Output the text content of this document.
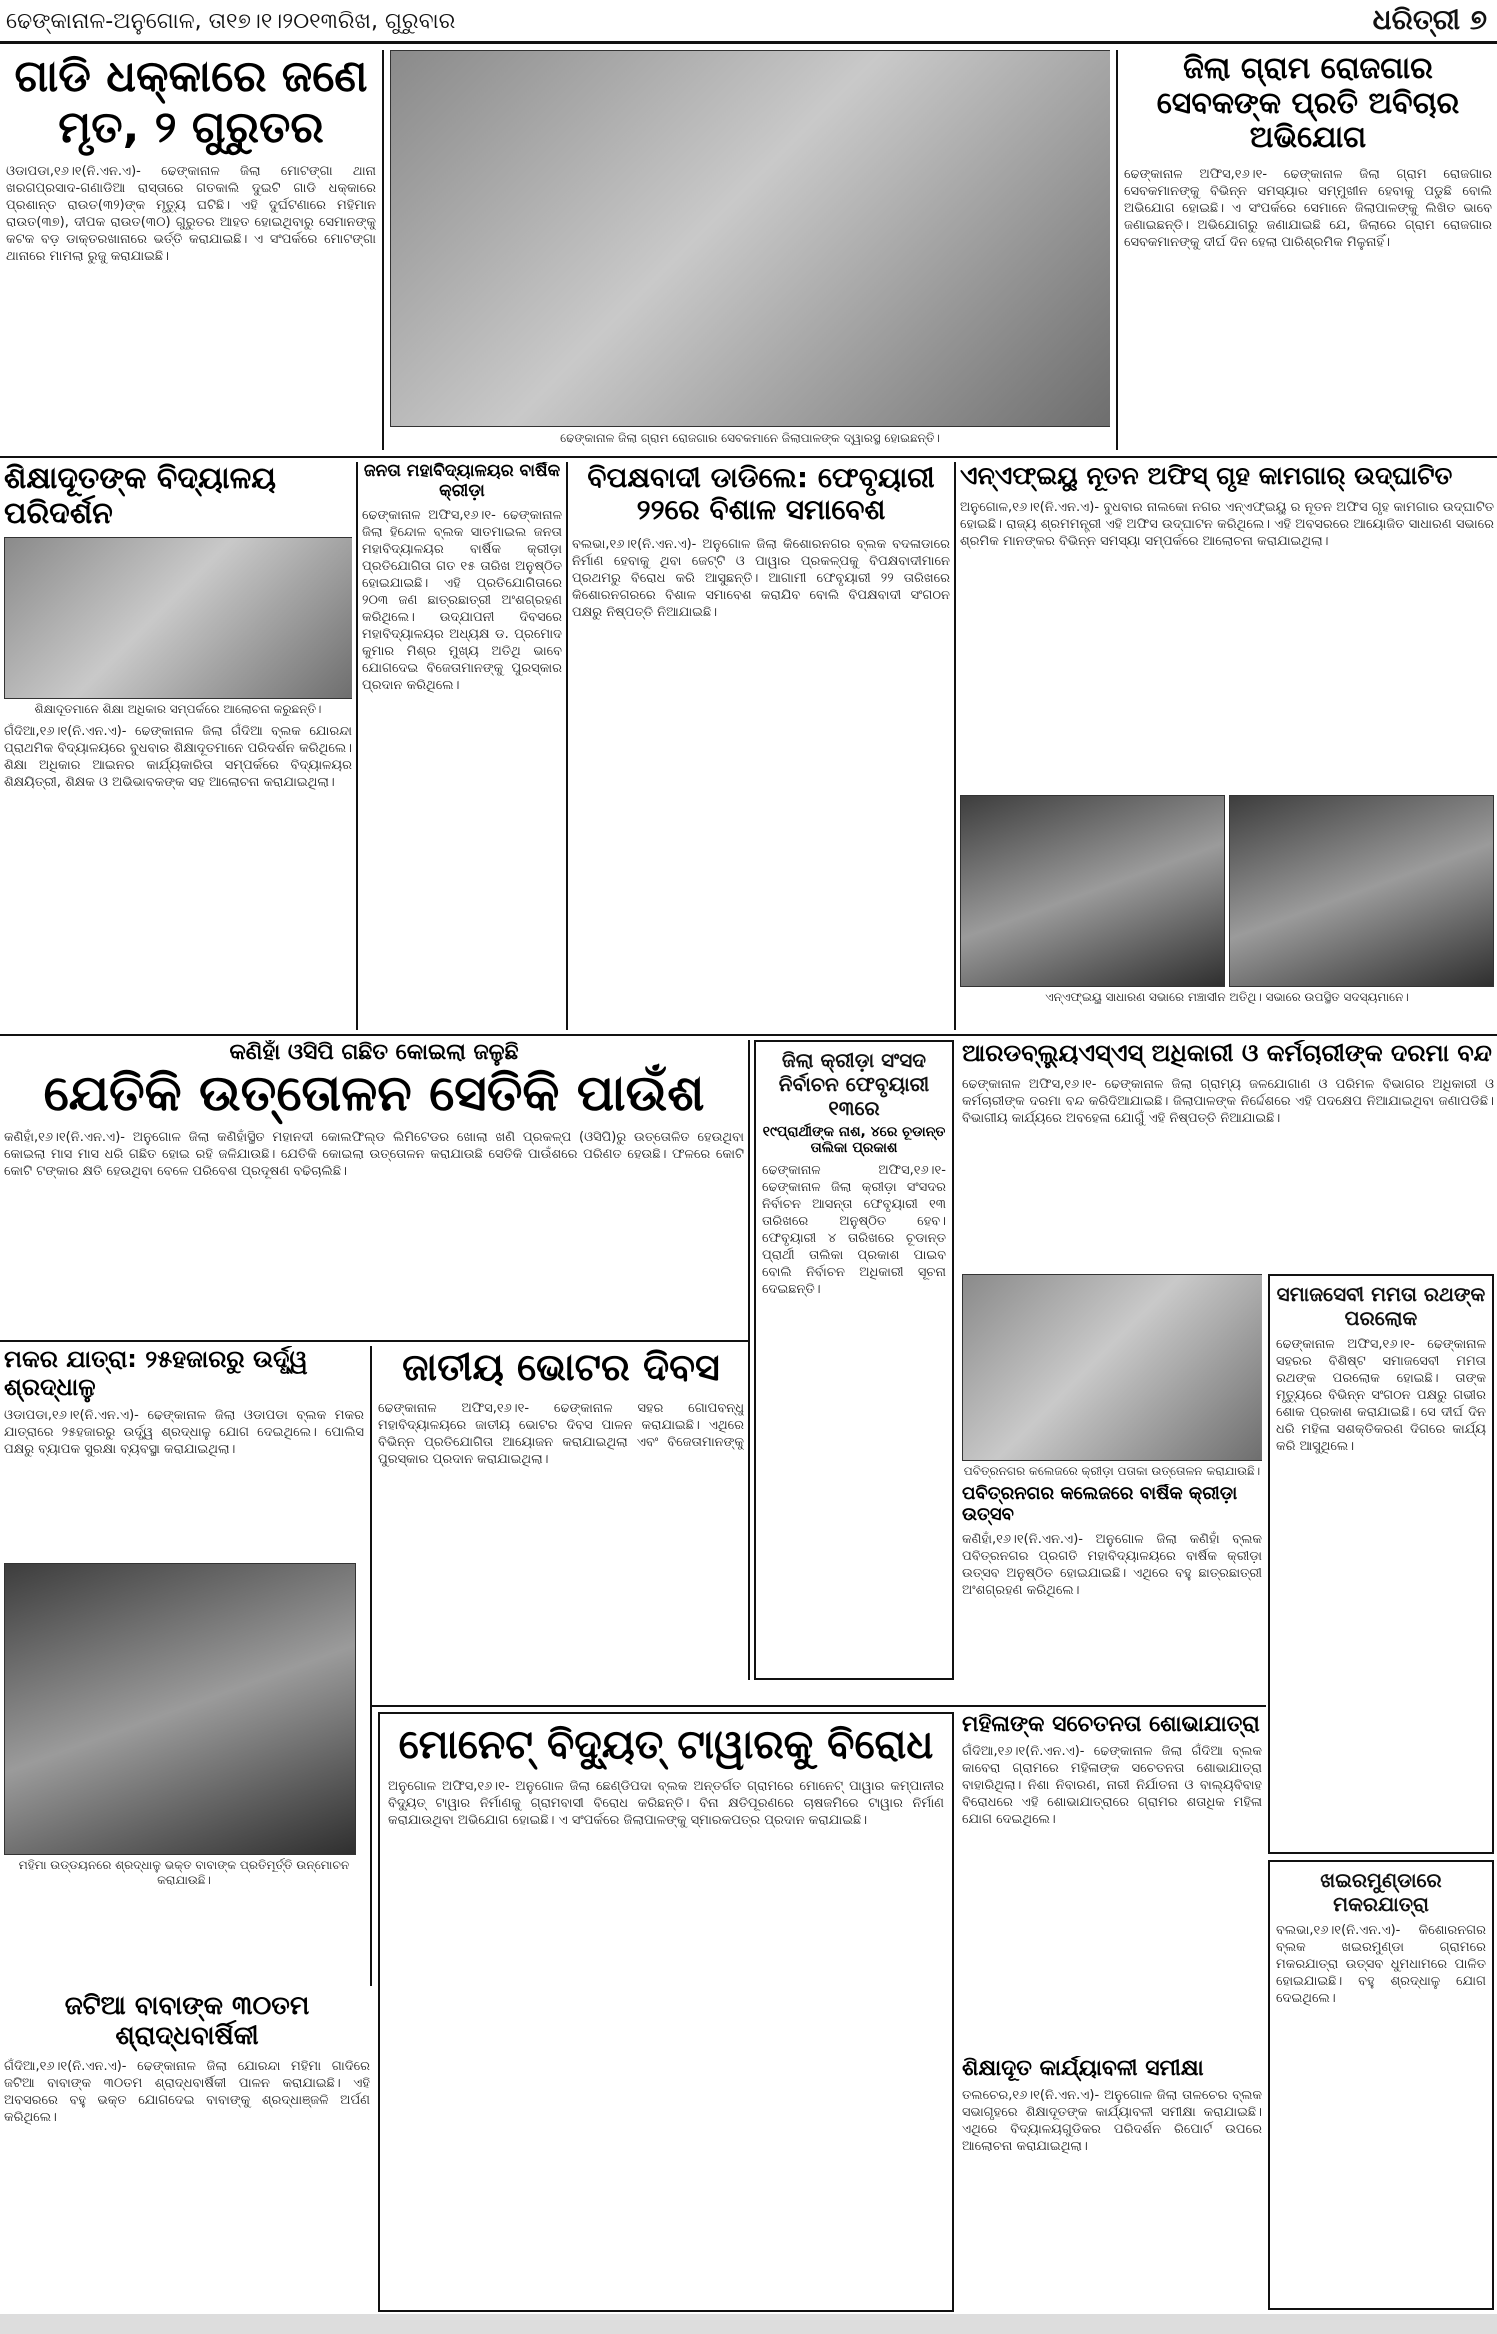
ଢେଙ୍କାନାଳ-ଅନୁଗୋଳ, ତା୧୭।୧।୨୦୧୩ରିଖ, ଗୁରୁବାର	ଧରିତ୍ରୀ ୭
ଗାଡି ଧକ୍କାରେ ଜଣେ ମୃତ, ୨ ଗୁରୁତର
ଓଡାପଡା,୧୬।୧(ନି.ଏନ.ଏ)- ଢେଙ୍କାନାଳ ଜିଲା ମୋଟଙ୍ଗା ଥାନା ଖରଗପ୍ରସାଦ-ଗଣାଡିଆ ରାସ୍ତାରେ ଗତକାଲି ଦୁଇଟି ଗାଡି ଧକ୍କାରେ ପ୍ରଶାନ୍ତ ରାଉତ(୩୨)ଙ୍କ ମୃତ୍ୟୁ ଘଟିଛି। ଏହି ଦୁର୍ଘଟଣାରେ ମହିମାନ ରାଉତ(୩୭), ଦୀପକ ରାଉତ(୩୦) ଗୁରୁତର ଆହତ ହୋଇଥିବାରୁ ସେମାନଙ୍କୁ କଟକ ବଡ଼ ଡାକ୍ତରଖାନାରେ ଭର୍ତ୍ତି କରାଯାଇଛି। ଏ ସଂପର୍କରେ ମୋଟଙ୍ଗା ଥାନାରେ ମାମଲା ରୁଜୁ କରାଯାଇଛି।
ଢେଙ୍କାନାଳ ଜିଲା ଗ୍ରାମ ରୋଜଗାର ସେବକମାନେ ଜିଲାପାଳଙ୍କ ଦ୍ୱାରସ୍ଥ ହୋଇଛନ୍ତି।
ଜିଲା ଗ୍ରାମ ରୋଜଗାର ସେବକଙ୍କ ପ୍ରତି ଅବିଚାର ଅଭିଯୋଗ
ଢେଙ୍କାନାଳ ଅଫିସ,୧୬।୧- ଢେଙ୍କାନାଳ ଜିଲା ଗ୍ରାମ ରୋଜଗାର ସେବକମାନଙ୍କୁ ବିଭିନ୍ନ ସମସ୍ୟାର ସମ୍ମୁଖୀନ ହେବାକୁ ପଡୁଛି ବୋଲି ଅଭିଯୋଗ ହୋଇଛି। ଏ ସଂପର୍କରେ ସେମାନେ ଜିଲାପାଳଙ୍କୁ ଲିଖିତ ଭାବେ ଜଣାଇଛନ୍ତି। ଅଭିଯୋଗରୁ ଜଣାଯାଇଛି ଯେ, ଜିଲାରେ ଗ୍ରାମ ରୋଜଗାର ସେବକମାନଙ୍କୁ ଦୀର୍ଘ ଦିନ ହେଲା ପାରିଶ୍ରମିକ ମିଳୁନାହିଁ।
ଶିକ୍ଷାଦୂତଙ୍କ ବିଦ୍ୟାଳୟ ପରିଦର୍ଶନ
ଶିକ୍ଷାଦୂତମାନେ ଶିକ୍ଷା ଅଧିକାର ସମ୍ପର୍କରେ ଆଲୋଚନା କରୁଛନ୍ତି।
ଗଁଦିଆ,୧୬।୧(ନି.ଏନ.ଏ)- ଢେଙ୍କାନାଳ ଜିଲା ଗଁଦିଆ ବ୍ଲକ ଯୋରନ୍ଦା ପ୍ରାଥମିକ ବିଦ୍ୟାଳୟରେ ବୁଧବାର ଶିକ୍ଷାଦୂତମାନେ ପରିଦର୍ଶନ କରିଥିଲେ। ଶିକ୍ଷା ଅଧିକାର ଆଇନର କାର୍ଯ୍ୟକାରିତା ସମ୍ପର୍କରେ ବିଦ୍ୟାଳୟର ଶିକ୍ଷୟିତ୍ରୀ, ଶିକ୍ଷକ ଓ ଅଭିଭାବକଙ୍କ ସହ ଆଲୋଚନା କରାଯାଇଥିଲା।
ଜନତା ମହାବିଦ୍ୟାଳୟର ବାର୍ଷିକ କ୍ରୀଡ଼ା
ଢେଙ୍କାନାଳ ଅଫିସ,୧୬।୧- ଢେଙ୍କାନାଳ ଜିଲା ହିନ୍ଦୋଳ ବ୍ଲକ ସାତମାଇଲ ଜନତା ମହାବିଦ୍ୟାଳୟର ବାର୍ଷିକ କ୍ରୀଡ଼ା ପ୍ରତିଯୋଗିତା ଗତ ୧୫ ତାରିଖ ଅନୁଷ୍ଠିତ ହୋଇଯାଇଛି। ଏହି ପ୍ରତିଯୋଗିତାରେ ୨୦୩ ଜଣ ଛାତ୍ରଛାତ୍ରୀ ଅଂଶଗ୍ରହଣ କରିଥିଲେ। ଉଦ୍ଯାପନୀ ଦିବସରେ ମହାବିଦ୍ୟାଳୟର ଅଧ୍ୟକ୍ଷ ଡ. ପ୍ରମୋଦ କୁମାର ମିଶ୍ର ମୁଖ୍ୟ ଅତିଥି ଭାବେ ଯୋଗଦେଇ ବିଜେତାମାନଙ୍କୁ ପୁରସ୍କାର ପ୍ରଦାନ କରିଥିଲେ।
ବିପକ୍ଷବାଦୀ ଡାଡିଲେ: ଫେବୃୟାରୀ ୨୨ରେ ବିଶାଳ ସମାବେଶ
ବଲଭା,୧୬।୧(ନି.ଏନ.ଏ)- ଅନୁଗୋଳ ଜିଲା କିଶୋରନଗର ବ୍ଲକ ବଦଳାଡାରେ ନିର୍ମାଣ ହେବାକୁ ଥିବା ଜେଟ୍ଟି ଓ ପାୱାର ପ୍ରକଳ୍ପକୁ ବିପକ୍ଷବାଦୀମାନେ ପ୍ରଥମରୁ ବିରୋଧ କରି ଆସୁଛନ୍ତି। ଆଗାମୀ ଫେବୃୟାରୀ ୨୨ ତାରିଖରେ କିଶୋରନଗରରେ ବିଶାଳ ସମାବେଶ କରାଯିବ ବୋଲି ବିପକ୍ଷବାଦୀ ସଂଗଠନ ପକ୍ଷରୁ ନିଷ୍ପତ୍ତି ନିଆଯାଇଛି।
ଏନ୍ଏଫ୍ଇୟୁ ନୂତନ ଅଫିସ୍ ଗୃହ କାମଗାର୍ ଉଦ୍‌ଘାଟିତ
ଅନୁଗୋଳ,୧୬।୧(ନି.ଏନ.ଏ)- ବୁଧବାର ନାଲକୋ ନଗର ଏନ୍ଏଫ୍ଇୟୁ ର ନୂତନ ଅଫିସ ଗୃହ କାମଗାର ଉଦ୍‌ଘାଟିତ ହୋଇଛି। ରାଜ୍ୟ ଶ୍ରମମନ୍ତ୍ରୀ ଏହି ଅଫିସ ଉଦ୍‌ଘାଟନ କରିଥିଲେ। ଏହି ଅବସରରେ ଆୟୋଜିତ ସାଧାରଣ ସଭାରେ ଶ୍ରମିକ ମାନଙ୍କର ବିଭିନ୍ନ ସମସ୍ୟା ସମ୍ପର୍କରେ ଆଲୋଚନା କରାଯାଇଥିଲା।
ଏନ୍ଏଫ୍ଇୟୁ ସାଧାରଣ ସଭାରେ ମଞ୍ଚାସୀନ ଅତିଥି। ସଭାରେ ଉପସ୍ଥିତ ସଦସ୍ୟମାନେ।
କଣିହାଁ ଓସିପି ଗଛିତ କୋଇଲା ଜଳୁଛି
ଯେତିକି ଉତ୍ତୋଳନ ସେତିକି ପାଉଁଶ
କଣିହାଁ,୧୬।୧(ନି.ଏନ.ଏ)- ଅନୁଗୋଳ ଜିଲା କଣିହାଁସ୍ଥିତ ମହାନଦୀ କୋଲଫିଲ୍ଡ ଲିମିଟେଡର ଖୋଲା ଖଣି ପ୍ରକଳ୍ପ (ଓସିପି)ରୁ ଉତ୍ତୋଳିତ ହେଉଥିବା କୋଇଲା ମାସ ମାସ ଧରି ଗଛିତ ହୋଇ ରହି ଜଳିଯାଉଛି। ଯେତିକି କୋଇଲା ଉତ୍ତୋଳନ କରାଯାଉଛି ସେତିକି ପାଉଁଶରେ ପରିଣତ ହେଉଛି। ଫଳରେ କୋଟି କୋଟି ଟଙ୍କାର କ୍ଷତି ହେଉଥିବା ବେଳେ ପରିବେଶ ପ୍ରଦୂଷଣ ବଢିଚାଲିଛି।
ଜିଲା କ୍ରୀଡ଼ା ସଂସଦ ନିର୍ବାଚନ ଫେବୃୟାରୀ ୧୩ରେ
୧୯ପ୍ରାର୍ଥୀଙ୍କ ନାଶ, ୪ରେ ଚୂଡାନ୍ତ ତାଲିକା ପ୍ରକାଶ
ଢେଙ୍କାନାଳ ଅଫିସ,୧୬।୧- ଢେଙ୍କାନାଳ ଜିଲା କ୍ରୀଡ଼ା ସଂସଦର ନିର୍ବାଚନ ଆସନ୍ତା ଫେବୃୟାରୀ ୧୩ ତାରିଖରେ ଅନୁଷ୍ଠିତ ହେବ। ଫେବୃୟାରୀ ୪ ତାରିଖରେ ଚୂଡାନ୍ତ ପ୍ରାର୍ଥୀ ତାଲିକା ପ୍ରକାଶ ପାଇବ ବୋଲି ନିର୍ବାଚନ ଅଧିକାରୀ ସୂଚନା ଦେଇଛନ୍ତି।
ଆରଡବ୍ଲ୍ୟୁଏସ୍ଏସ୍ ଅଧିକାରୀ ଓ କର୍ମଚାରୀଙ୍କ ଦରମା ବନ୍ଦ
ଢେଙ୍କାନାଳ ଅଫିସ,୧୬।୧- ଢେଙ୍କାନାଳ ଜିଲା ଗ୍ରାମ୍ୟ ଜଳଯୋଗାଣ ଓ ପରିମଳ ବିଭାଗର ଅଧିକାରୀ ଓ କର୍ମଚାରୀଙ୍କ ଦରମା ବନ୍ଦ କରିଦିଆଯାଇଛି। ଜିଲାପାଳଙ୍କ ନିର୍ଦ୍ଦେଶରେ ଏହି ପଦକ୍ଷେପ ନିଆଯାଇଥିବା ଜଣାପଡିଛି। ବିଭାଗୀୟ କାର୍ଯ୍ୟରେ ଅବହେଳା ଯୋଗୁଁ ଏହି ନିଷ୍ପତ୍ତି ନିଆଯାଇଛି।
ପବିତ୍ରନଗର କଲେଜରେ କ୍ରୀଡ଼ା ପତାକା ଉତ୍ତୋଳନ କରାଯାଉଛି।
ସମାଜସେବୀ ମମତା ରଥଙ୍କ ପରଲୋକ
ଢେଙ୍କାନାଳ ଅଫିସ,୧୬।୧- ଢେଙ୍କାନାଳ ସହରର ବିଶିଷ୍ଟ ସମାଜସେବୀ ମମତା ରଥଙ୍କ ପରଲୋକ ହୋଇଛି। ତାଙ୍କ ମୃତ୍ୟୁରେ ବିଭିନ୍ନ ସଂଗଠନ ପକ୍ଷରୁ ଗଭୀର ଶୋକ ପ୍ରକାଶ କରାଯାଇଛି। ସେ ଦୀର୍ଘ ଦିନ ଧରି ମହିଳା ସଶକ୍ତିକରଣ ଦିଗରେ କାର୍ଯ୍ୟ କରି ଆସୁଥିଲେ।
ପବିତ୍ରନଗର କଲେଜରେ ବାର୍ଷିକ କ୍ରୀଡ଼ା ଉତ୍ସବ
କଣିହାଁ,୧୬।୧(ନି.ଏନ.ଏ)- ଅନୁଗୋଳ ଜିଲା କଣିହାଁ ବ୍ଲକ ପବିତ୍ରନଗର ପ୍ରଗତି ମହାବିଦ୍ୟାଳୟରେ ବାର୍ଷିକ କ୍ରୀଡ଼ା ଉତ୍ସବ ଅନୁଷ୍ଠିତ ହୋଇଯାଇଛି। ଏଥିରେ ବହୁ ଛାତ୍ରଛାତ୍ରୀ ଅଂଶଗ୍ରହଣ କରିଥିଲେ।
ମକର ଯାତ୍ରା: ୨୫ହଜାରରୁ ଉର୍ଦ୍ଧ୍ୱ ଶ୍ରଦ୍ଧାଳୁ
ଓଡାପଡା,୧୬।୧(ନି.ଏନ.ଏ)- ଢେଙ୍କାନାଳ ଜିଲା ଓଡାପଡା ବ୍ଲକ ମକର ଯାତ୍ରାରେ ୨୫ହଜାରରୁ ଉର୍ଦ୍ଧ୍ୱ ଶ୍ରଦ୍ଧାଳୁ ଯୋଗ ଦେଇଥିଲେ। ପୋଲିସ ପକ୍ଷରୁ ବ୍ୟାପକ ସୁରକ୍ଷା ବ୍ୟବସ୍ଥା କରାଯାଇଥିଲା।
ମହିମା ଉଡ୍ଡୟନରେ ଶ୍ରଦ୍ଧାଳୁ ଭକ୍ତ ବାବାଙ୍କ ପ୍ରତିମୂର୍ତ୍ତି ଉନ୍ମୋଚନ କରାଯାଉଛି।
ଜାତୀୟ ଭୋଟର ଦିବସ
ଢେଙ୍କାନାଳ ଅଫିସ,୧୬।୧- ଢେଙ୍କାନାଳ ସହର ଗୋପବନ୍ଧୁ ମହାବିଦ୍ୟାଳୟରେ ଜାତୀୟ ଭୋଟର ଦିବସ ପାଳନ କରାଯାଇଛି। ଏଥିରେ ବିଭିନ୍ନ ପ୍ରତିଯୋଗିତା ଆୟୋଜନ କରାଯାଇଥିଲା ଏବଂ ବିଜେତାମାନଙ୍କୁ ପୁରସ୍କାର ପ୍ରଦାନ କରାଯାଇଥିଲା।
ମହିଳାଙ୍କ ସଚେତନତା ଶୋଭାଯାତ୍ରା
ଗଁଦିଆ,୧୬।୧(ନି.ଏନ.ଏ)- ଢେଙ୍କାନାଳ ଜିଲା ଗଁଦିଆ ବ୍ଲକ କାବେରା ଗ୍ରାମରେ ମହିଳାଙ୍କ ସଚେତନତା ଶୋଭାଯାତ୍ରା ବାହାରିଥିଲା। ନିଶା ନିବାରଣ, ନାରୀ ନିର୍ଯାତନା ଓ ବାଲ୍ୟବିବାହ ବିରୋଧରେ ଏହି ଶୋଭାଯାତ୍ରାରେ ଗ୍ରାମର ଶତାଧିକ ମହିଳା ଯୋଗ ଦେଇଥିଲେ।
ମୋନେଟ୍ ବିଦ୍ୟୁତ୍ ଟାୱାରକୁ ବିରୋଧ
ଅନୁଗୋଳ ଅଫିସ,୧୬।୧- ଅନୁଗୋଳ ଜିଲା ଛେଣ୍ଡିପଦା ବ୍ଲକ ଅନ୍ତର୍ଗତ ଗ୍ରାମରେ ମୋନେଟ୍ ପାୱାର କମ୍ପାନୀର ବିଦ୍ୟୁତ୍ ଟାୱାର ନିର୍ମାଣକୁ ଗ୍ରାମବାସୀ ବିରୋଧ କରିଛନ୍ତି। ବିନା କ୍ଷତିପୂରଣରେ ଚାଷଜମିରେ ଟାୱାର ନିର୍ମାଣ କରାଯାଉଥିବା ଅଭିଯୋଗ ହୋଇଛି। ଏ ସଂପର୍କରେ ଜିଲାପାଳଙ୍କୁ ସ୍ମାରକପତ୍ର ପ୍ରଦାନ କରାଯାଇଛି।
ଜଟିଆ ବାବାଙ୍କ ୩୦ତମ ଶ୍ରାଦ୍ଧବାର୍ଷିକୀ
ଗଁଦିଆ,୧୬।୧(ନି.ଏନ.ଏ)- ଢେଙ୍କାନାଳ ଜିଲା ଯୋରନ୍ଦା ମହିମା ଗାଦିରେ ଜଟିଆ ବାବାଙ୍କ ୩୦ତମ ଶ୍ରାଦ୍ଧବାର୍ଷିକୀ ପାଳନ କରାଯାଇଛି। ଏହି ଅବସରରେ ବହୁ ଭକ୍ତ ଯୋଗଦେଇ ବାବାଙ୍କୁ ଶ୍ରଦ୍ଧାଞ୍ଜଳି ଅର୍ପଣ କରିଥିଲେ।
ଶିକ୍ଷାଦୂତ କାର୍ଯ୍ୟାବଳୀ ସମୀକ୍ଷା
ତଲଚେର,୧୬।୧(ନି.ଏନ.ଏ)- ଅନୁଗୋଳ ଜିଲା ତାଳଚେର ବ୍ଲକ ସଭାଗୃହରେ ଶିକ୍ଷାଦୂତଙ୍କ କାର୍ଯ୍ୟାବଳୀ ସମୀକ୍ଷା କରାଯାଇଛି। ଏଥିରେ ବିଦ୍ୟାଳୟଗୁଡିକର ପରିଦର୍ଶନ ରିପୋର୍ଟ ଉପରେ ଆଲୋଚନା କରାଯାଇଥିଲା।
ଖଇରମୁଣ୍ଡାରେ ମକରଯାତ୍ରା
ବଲଭା,୧୬।୧(ନି.ଏନ.ଏ)- କିଶୋରନଗର ବ୍ଲକ ଖଇରମୁଣ୍ଡା ଗ୍ରାମରେ ମକରଯାତ୍ରା ଉତ୍ସବ ଧୁମଧାମରେ ପାଳିତ ହୋଇଯାଇଛି। ବହୁ ଶ୍ରଦ୍ଧାଳୁ ଯୋଗ ଦେଇଥିଲେ।
